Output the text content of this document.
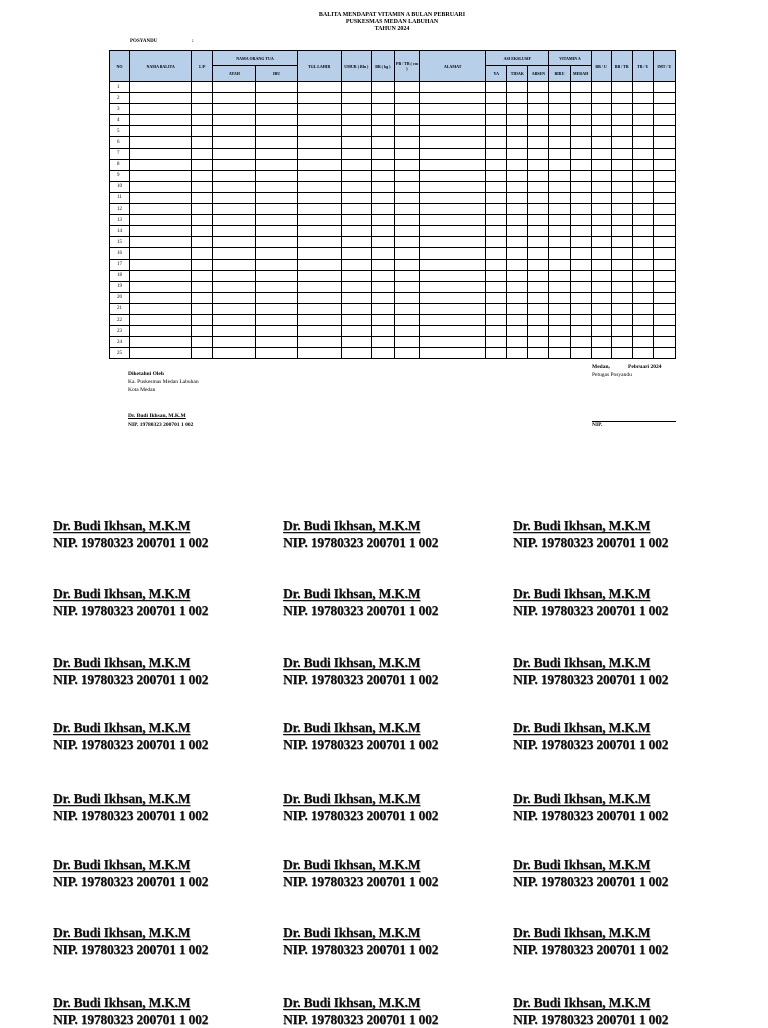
BALITA MENDAPAT VITAMIN A BULAN PEBRUARI
PUSKESMAS MEDAN LABUHAN
TAHUN 2024
POSYANDU	:
NO	NAMA BALITA	L/P	NAMA ORANG TUA		TGL LAHIR	UMUR ( Bln )	BB ( kg )	PB / TB ( cm )	ALAMAT	ASI EKSLUSIF			VITAMIN A		BB / U	BB / TB	TB / U	IMT / U
			AYAH	IBU						YA	TIDAK	ABSEN	BIRU	MERAH				
1																		
2																		
3																		
4																		
5																		
6																		
7																		
8																		
9																		
10																		
11																		
12																		
13																		
14																		
15																		
16																		
17																		
18																		
19																		
20																		
21																		
22																		
23																		
24																		
25																		
Medan,	Pebruari 2024
Petugas Posyandu
Diketahui Oleh
Ka. Puskesmas Medan Labuhan
Kota Medan
Dr. Budi Ikhsan, M.K.M
NIP. 19780323 200701 1 002	NIP.
Dr. Budi Ikhsan, M.K.M
NIP. 19780323 200701 1 002
Dr. Budi Ikhsan, M.K.M
NIP. 19780323 200701 1 002
Dr. Budi Ikhsan, M.K.M
NIP. 19780323 200701 1 002
Dr. Budi Ikhsan, M.K.M
NIP. 19780323 200701 1 002
Dr. Budi Ikhsan, M.K.M
NIP. 19780323 200701 1 002
Dr. Budi Ikhsan, M.K.M
NIP. 19780323 200701 1 002
Dr. Budi Ikhsan, M.K.M
NIP. 19780323 200701 1 002
Dr. Budi Ikhsan, M.K.M
NIP. 19780323 200701 1 002
Dr. Budi Ikhsan, M.K.M
NIP. 19780323 200701 1 002
Dr. Budi Ikhsan, M.K.M
NIP. 19780323 200701 1 002
Dr. Budi Ikhsan, M.K.M
NIP. 19780323 200701 1 002
Dr. Budi Ikhsan, M.K.M
NIP. 19780323 200701 1 002
Dr. Budi Ikhsan, M.K.M
NIP. 19780323 200701 1 002
Dr. Budi Ikhsan, M.K.M
NIP. 19780323 200701 1 002
Dr. Budi Ikhsan, M.K.M
NIP. 19780323 200701 1 002
Dr. Budi Ikhsan, M.K.M
NIP. 19780323 200701 1 002
Dr. Budi Ikhsan, M.K.M
NIP. 19780323 200701 1 002
Dr. Budi Ikhsan, M.K.M
NIP. 19780323 200701 1 002
Dr. Budi Ikhsan, M.K.M
NIP. 19780323 200701 1 002
Dr. Budi Ikhsan, M.K.M
NIP. 19780323 200701 1 002
Dr. Budi Ikhsan, M.K.M
NIP. 19780323 200701 1 002
Dr. Budi Ikhsan, M.K.M
NIP. 19780323 200701 1 002
Dr. Budi Ikhsan, M.K.M
NIP. 19780323 200701 1 002
Dr. Budi Ikhsan, M.K.M
NIP. 19780323 200701 1 002
